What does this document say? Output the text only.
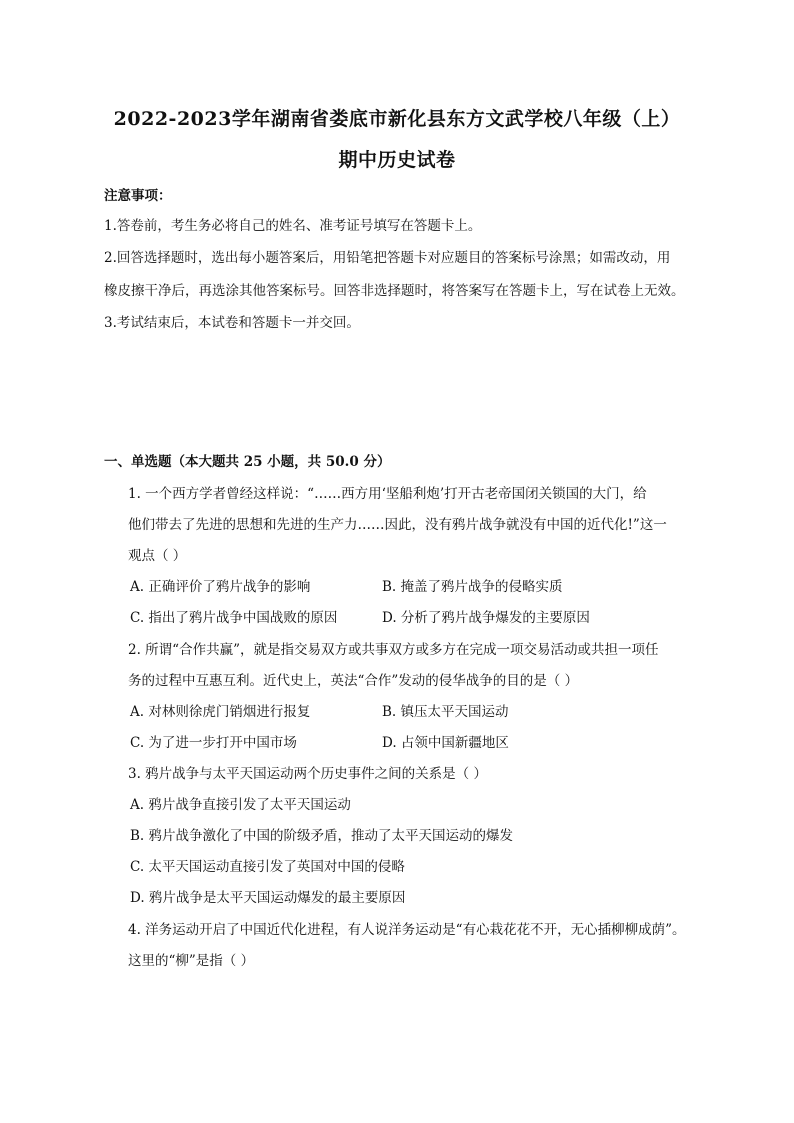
2022-2023学年湖南省娄底市新化县东方文武学校八年级（上）
期中历史试卷
注意事项：
1.答卷前，考生务必将自己的姓名、准考证号填写在答题卡上。
2.回答选择题时，选出每小题答案后，用铅笔把答题卡对应题目的答案标号涂黑；如需改动，用
橡皮擦干净后，再选涂其他答案标号。回答非选择题时，将答案写在答题卡上，写在试卷上无效。
3.考试结束后，本试卷和答题卡一并交回。
一、单选题（本大题共 25 小题，共 50.0 分）
1. 一个西方学者曾经这样说：“……西方用‘坚船利炮’打开古老帝国闭关锁国的大门，给
他们带去了先进的思想和先进的生产力……因此，没有鸦片战争就没有中国的近代化!”这一
观点（ ）
A. 正确评价了鸦片战争的影响	B. 掩盖了鸦片战争的侵略实质
C. 指出了鸦片战争中国战败的原因	D. 分析了鸦片战争爆发的主要原因
2. 所谓“合作共赢”，就是指交易双方或共事双方或多方在完成一项交易活动或共担一项任
务的过程中互惠互利。近代史上，英法“合作”发动的侵华战争的目的是（ ）
A. 对林则徐虎门销烟进行报复	B. 镇压太平天国运动
C. 为了进一步打开中国市场	D. 占领中国新疆地区
3. 鸦片战争与太平天国运动两个历史事件之间的关系是（ ）
A. 鸦片战争直接引发了太平天国运动
B. 鸦片战争激化了中国的阶级矛盾，推动了太平天国运动的爆发
C. 太平天国运动直接引发了英国对中国的侵略
D. 鸦片战争是太平天国运动爆发的最主要原因
4. 洋务运动开启了中国近代化进程，有人说洋务运动是“有心栽花花不开，无心插柳柳成荫”。
这里的“柳”是指（ ）
